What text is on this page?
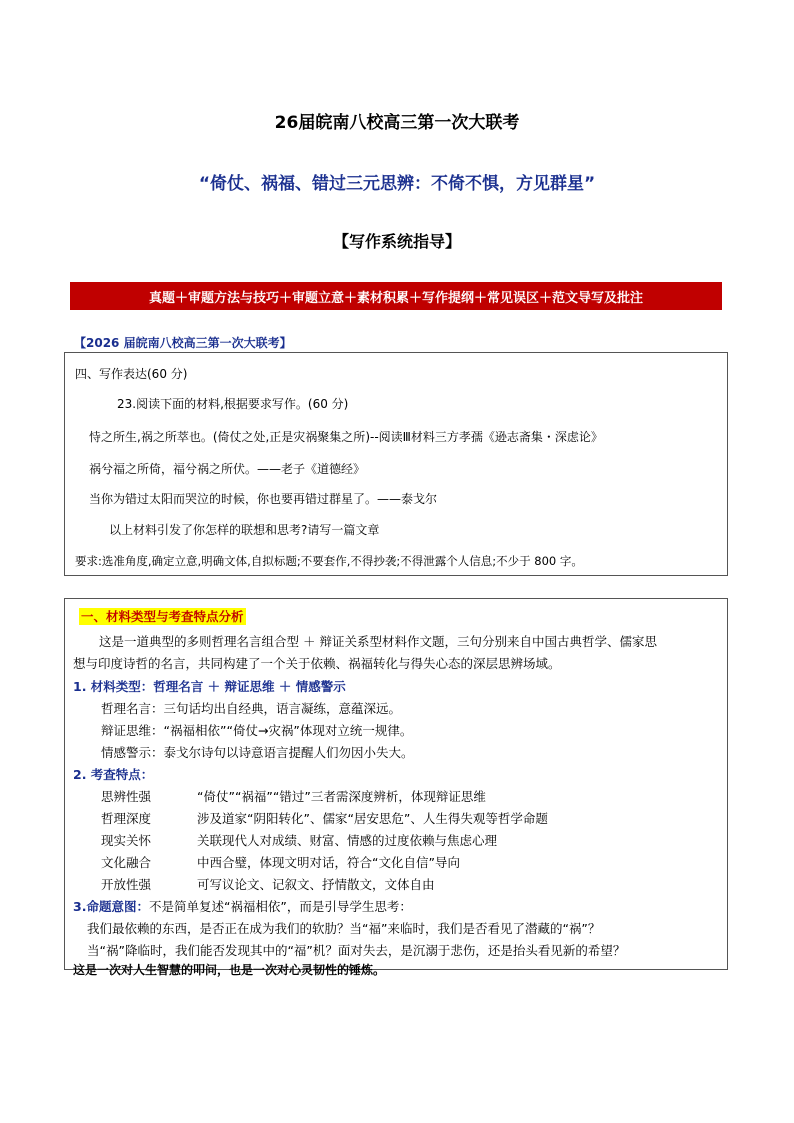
26届皖南八校高三第一次大联考
“倚仗、祸福、错过三元思辨：不倚不惧，方见群星”
【写作系统指导】
真题＋审题方法与技巧＋审题立意＋素材积累＋写作提纲＋常见误区＋范文导写及批注
【2026 届皖南八校高三第一次大联考】
四、写作表达(60 分)
23.阅读下面的材料,根据要求写作。(60 分)
恃之所生,祸之所萃也。(倚仗之处,正是灾祸聚集之所)--阅读Ⅲ材料三方孝孺《逊志斋集・深虑论》
祸兮福之所倚，福兮祸之所伏。——老子《道德经》
当你为错过太阳而哭泣的时候，你也要再错过群星了。——泰戈尔
以上材料引发了你怎样的联想和思考?请写一篇文章
要求:选准角度,确定立意,明确文体,自拟标题;不要套作,不得抄袭;不得泄露个人信息;不少于 800 字。
一、材料类型与考查特点分析
这是一道典型的多则哲理名言组合型 ＋ 辩证关系型材料作文题，三句分别来自中国古典哲学、儒家思
想与印度诗哲的名言，共同构建了一个关于依赖、祸福转化与得失心态的深层思辨场域。
1. 材料类型：哲理名言 ＋ 辩证思维 ＋ 情感警示
哲理名言：三句话均出自经典，语言凝练，意蕴深远。
辩证思维：“祸福相依”“倚仗→灾祸”体现对立统一规律。
情感警示：泰戈尔诗句以诗意语言提醒人们勿因小失大。
2. 考查特点：
思辨性强	“倚仗”“祸福”“错过”三者需深度辨析，体现辩证思维
哲理深度	涉及道家“阴阳转化”、儒家“居安思危”、人生得失观等哲学命题
现实关怀	关联现代人对成绩、财富、情感的过度依赖与焦虑心理
文化融合	中西合璧，体现文明对话，符合“文化自信”导向
开放性强	可写议论文、记叙文、抒情散文，文体自由
3.命题意图：不是简单复述“祸福相依”，而是引导学生思考：
我们最依赖的东西，是否正在成为我们的软肋？当“福”来临时，我们是否看见了潜藏的“祸”？
当“祸”降临时，我们能否发现其中的“福”机？面对失去，是沉溺于悲伤，还是抬头看见新的希望？
这是一次对人生智慧的叩问，也是一次对心灵韧性的锤炼。
